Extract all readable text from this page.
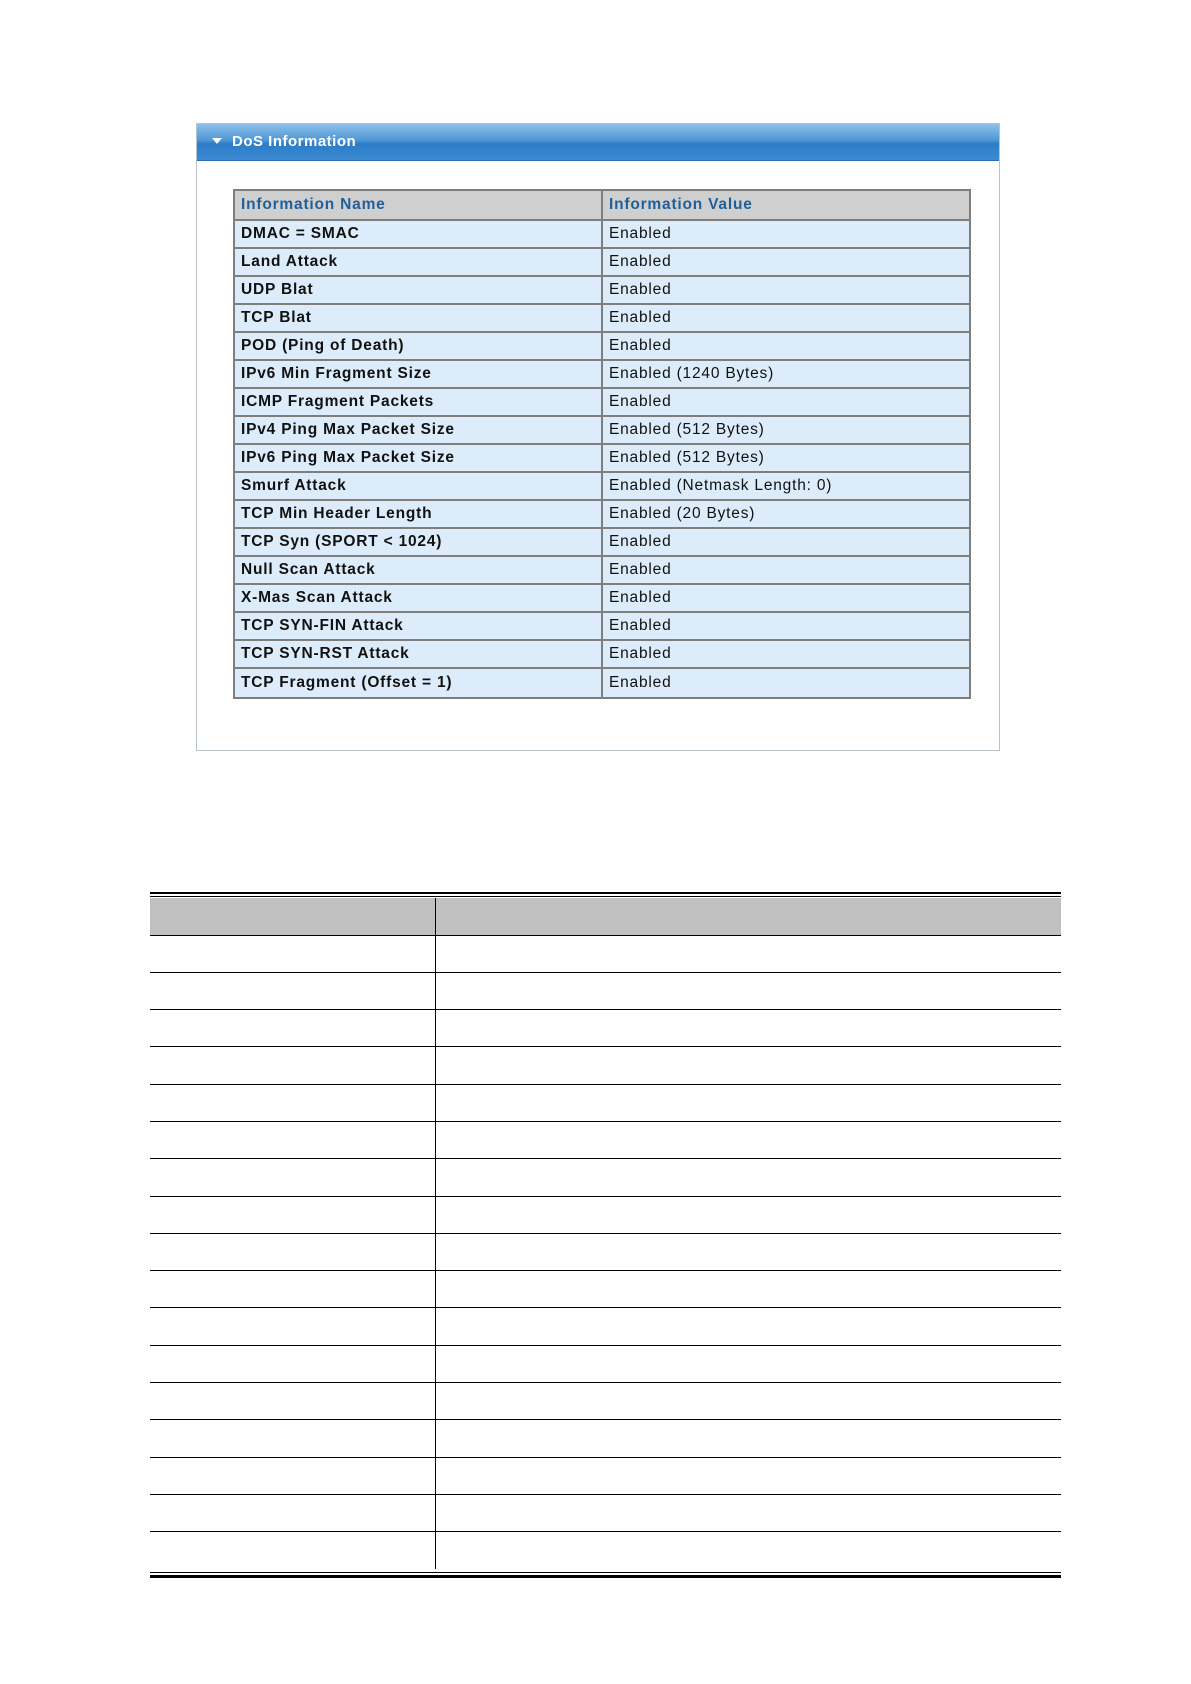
DoS Information
Information Name	Information Value
DMAC = SMAC	Enabled
Land Attack	Enabled
UDP Blat	Enabled
TCP Blat	Enabled
POD (Ping of Death)	Enabled
IPv6 Min Fragment Size	Enabled (1240 Bytes)
ICMP Fragment Packets	Enabled
IPv4 Ping Max Packet Size	Enabled (512 Bytes)
IPv6 Ping Max Packet Size	Enabled (512 Bytes)
Smurf Attack	Enabled (Netmask Length: 0)
TCP Min Header Length	Enabled (20 Bytes)
TCP Syn (SPORT < 1024)	Enabled
Null Scan Attack	Enabled
X-Mas Scan Attack	Enabled
TCP SYN-FIN Attack	Enabled
TCP SYN-RST Attack	Enabled
TCP Fragment (Offset = 1)	Enabled
